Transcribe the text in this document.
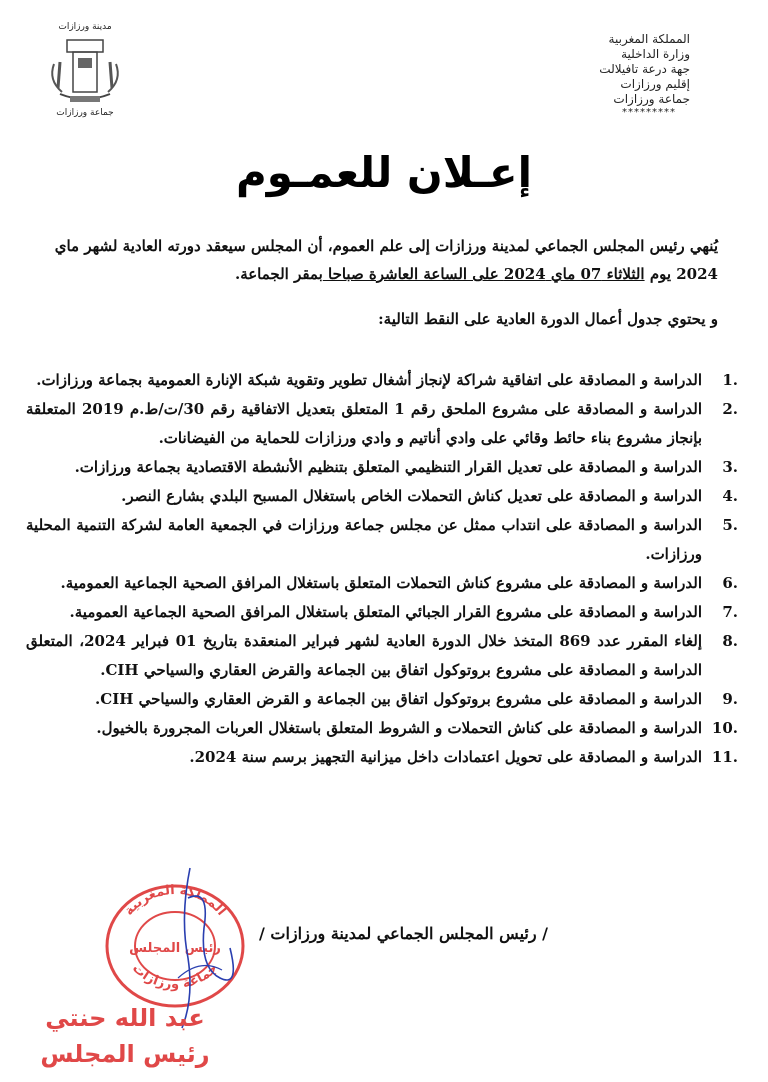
مدينة ورزازات
جماعة ورزازات
المملكة المغربية
وزارة الداخلية
جهة درعة تافيلالت
إقليم ورزازات
جماعة ورزازات
*********
إعـلان للعمـوم
يُنهي رئيس المجلس الجماعي لمدينة ورزازات إلى علم العموم، أن المجلس سيعقد دورته العادية لشهر ماي 2024 يوم الثلاثاء 07 ماي 2024 على الساعة العاشرة صباحا بمقر الجماعة.
و يحتوي جدول أعمال الدورة العادية على النقط التالية:
1.
الدراسة و المصادقة على اتفاقية شراكة لإنجاز أشغال تطوير وتقوية شبكة الإنارة العمومية بجماعة ورزازات.
2.
الدراسة و المصادقة على مشروع الملحق رقم 1 المتعلق بتعديل الاتفاقية رقم 30/ت/ط.م 2019 المتعلقة بإنجاز مشروع بناء حائط وقائي على وادي أناتيم و وادي ورزازات للحماية من الفيضانات.
3.
الدراسة و المصادقة على تعديل القرار التنظيمي المتعلق بتنظيم الأنشطة الاقتصادية بجماعة ورزازات.
4.
الدراسة و المصادقة على تعديل كناش التحملات الخاص باستغلال المسبح البلدي بشارع النصر.
5.
الدراسة و المصادقة على انتداب ممثل عن مجلس جماعة ورزازات في الجمعية العامة لشركة التنمية المحلية ورزازات.
6.
الدراسة و المصادقة على مشروع كناش التحملات المتعلق باستغلال المرافق الصحية الجماعية العمومية.
7.
الدراسة و المصادقة على مشروع القرار الجبائي المتعلق باستغلال المرافق الصحية الجماعية العمومية.
8.
إلغاء المقرر عدد 869 المتخذ خلال الدورة العادية لشهر فبراير المنعقدة بتاريخ 01 فبراير 2024، المتعلق الدراسة و المصادقة على مشروع بروتوكول اتفاق بين الجماعة والقرض العقاري والسياحي CIH.
9.
الدراسة و المصادقة على مشروع بروتوكول اتفاق بين الجماعة و القرض العقاري والسياحي CIH.
10.
الدراسة و المصادقة على كناش التحملات و الشروط المتعلق باستغلال العربات المجرورة بالخيول.
11.
الدراسة و المصادقة على تحويل اعتمادات داخل ميزانية التجهيز برسم سنة 2024.
/ رئيس المجلس الجماعي لمدينة ورزازات /
المملكة المغربية
جماعة ورزازات
رئيس المجلس
عبد الله حنتي
رئيس المجلس
